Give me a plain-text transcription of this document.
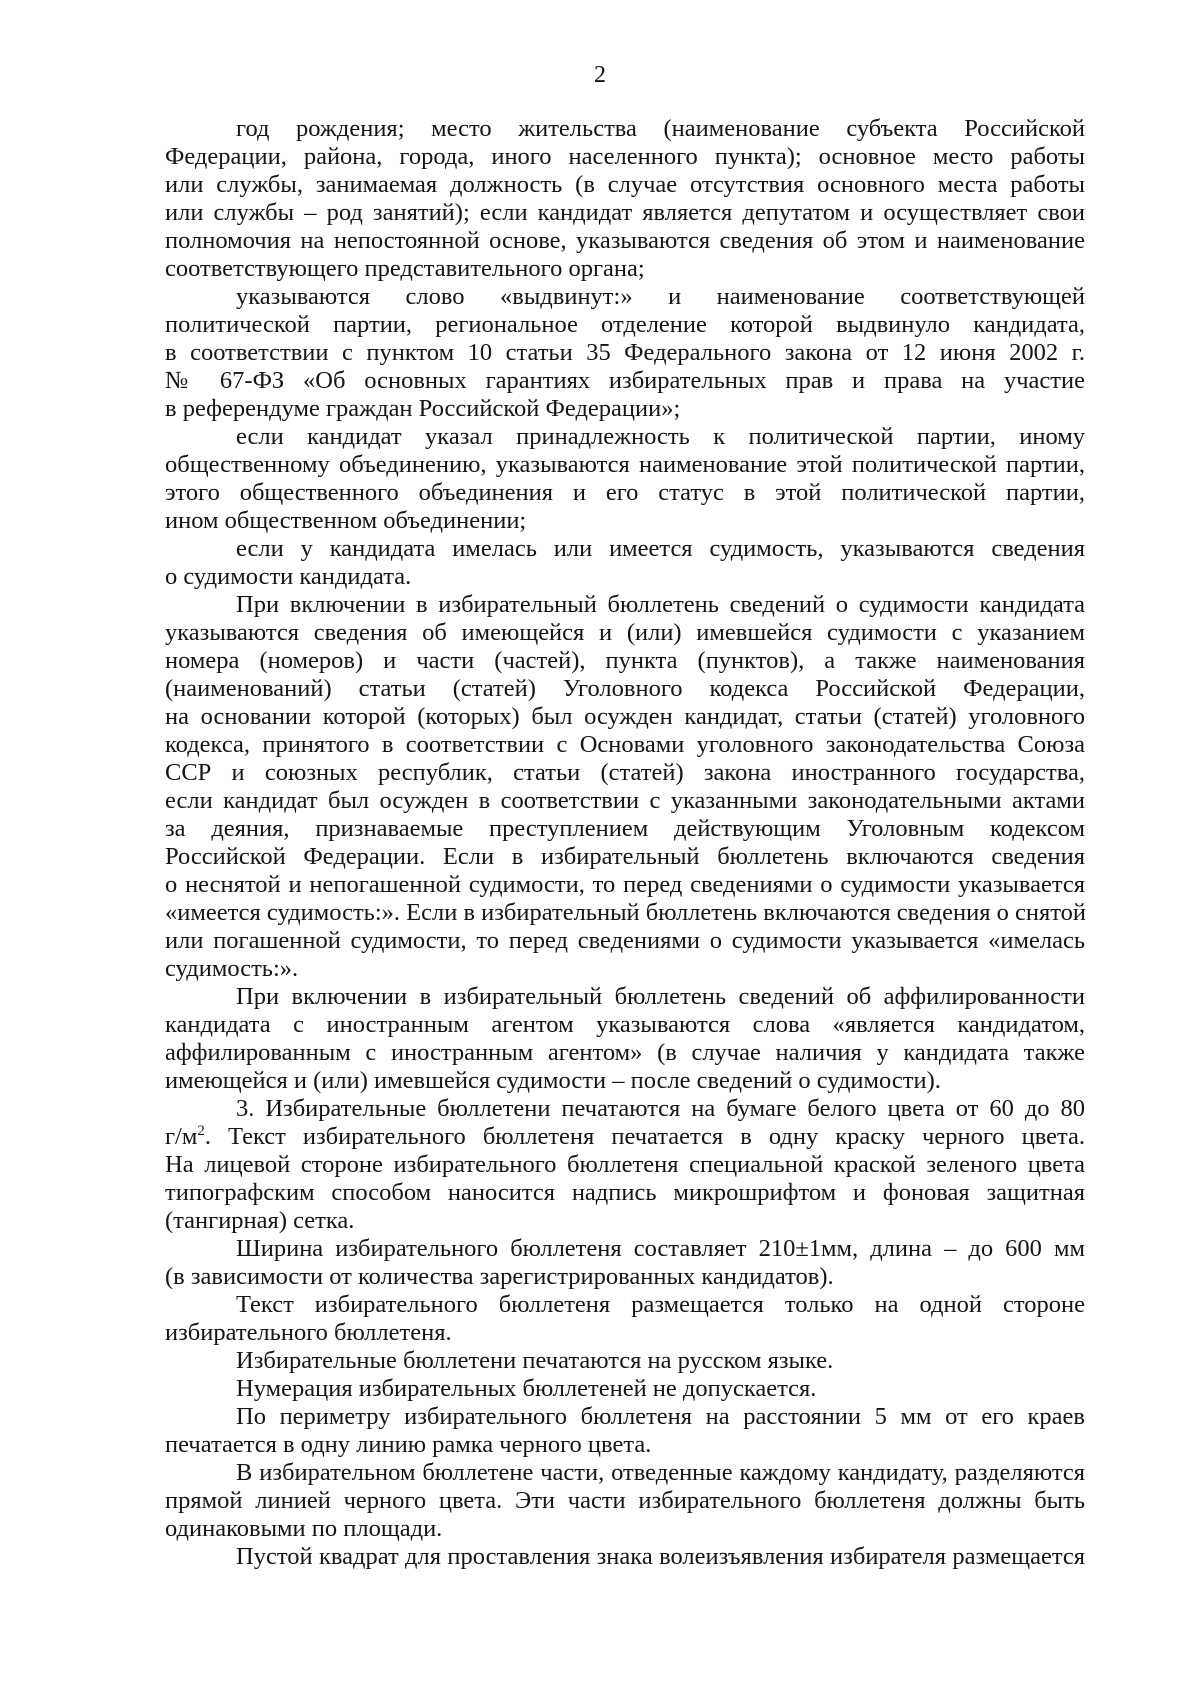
2
год рождения; место жительства (наименование субъекта Российской
Федерации, района, города, иного населенного пункта); основное место работы
или службы, занимаемая должность (в случае отсутствия основного места работы
или службы – род занятий); если кандидат является депутатом и осуществляет свои
полномочия на непостоянной основе, указываются сведения об этом и наименование
соответствующего представительного органа;
указываются слово «выдвинут:» и наименование соответствующей
политической партии, региональное отделение которой выдвинуло кандидата,
в соответствии с пунктом 10 статьи 35 Федерального закона от 12 июня 2002 г.
№ 67-ФЗ «Об основных гарантиях избирательных прав и права на участие
в референдуме граждан Российской Федерации»;
если кандидат указал принадлежность к политической партии, иному
общественному объединению, указываются наименование этой политической партии,
этого общественного объединения и его статус в этой политической партии,
ином общественном объединении;
если у кандидата имелась или имеется судимость, указываются сведения
о судимости кандидата.
При включении в избирательный бюллетень сведений о судимости кандидата
указываются сведения об имеющейся и (или) имевшейся судимости с указанием
номера (номеров) и части (частей), пункта (пунктов), а также наименования
(наименований) статьи (статей) Уголовного кодекса Российской Федерации,
на основании которой (которых) был осужден кандидат, статьи (статей) уголовного
кодекса, принятого в соответствии с Основами уголовного законодательства Союза
ССР и союзных республик, статьи (статей) закона иностранного государства,
если кандидат был осужден в соответствии с указанными законодательными актами
за деяния, признаваемые преступлением действующим Уголовным кодексом
Российской Федерации. Если в избирательный бюллетень включаются сведения
о неснятой и непогашенной судимости, то перед сведениями о судимости указывается
«имеется судимость:». Если в избирательный бюллетень включаются сведения о снятой
или погашенной судимости, то перед сведениями о судимости указывается «имелась
судимость:».
При включении в избирательный бюллетень сведений об аффилированности
кандидата с иностранным агентом указываются слова «является кандидатом,
аффилированным с иностранным агентом» (в случае наличия у кандидата также
имеющейся и (или) имевшейся судимости – после сведений о судимости).
3. Избирательные бюллетени печатаются на бумаге белого цвета от 60 до 80
$г/м^2$. Текст избирательного бюллетеня печатается в одну краску черного цвета.
На лицевой стороне избирательного бюллетеня специальной краской зеленого цвета
типографским способом наносится надпись микрошрифтом и фоновая защитная
(тангирная) сетка.
Ширина избирательного бюллетеня составляет 210±1мм, длина – до 600 мм
(в зависимости от количества зарегистрированных кандидатов).
Текст избирательного бюллетеня размещается только на одной стороне
избирательного бюллетеня.
Избирательные бюллетени печатаются на русском языке.
Нумерация избирательных бюллетеней не допускается.
По периметру избирательного бюллетеня на расстоянии 5 мм от его краев
печатается в одну линию рамка черного цвета.
В избирательном бюллетене части, отведенные каждому кандидату, разделяются
прямой линией черного цвета. Эти части избирательного бюллетеня должны быть
одинаковыми по площади.
Пустой квадрат для проставления знака волеизъявления избирателя размещается
